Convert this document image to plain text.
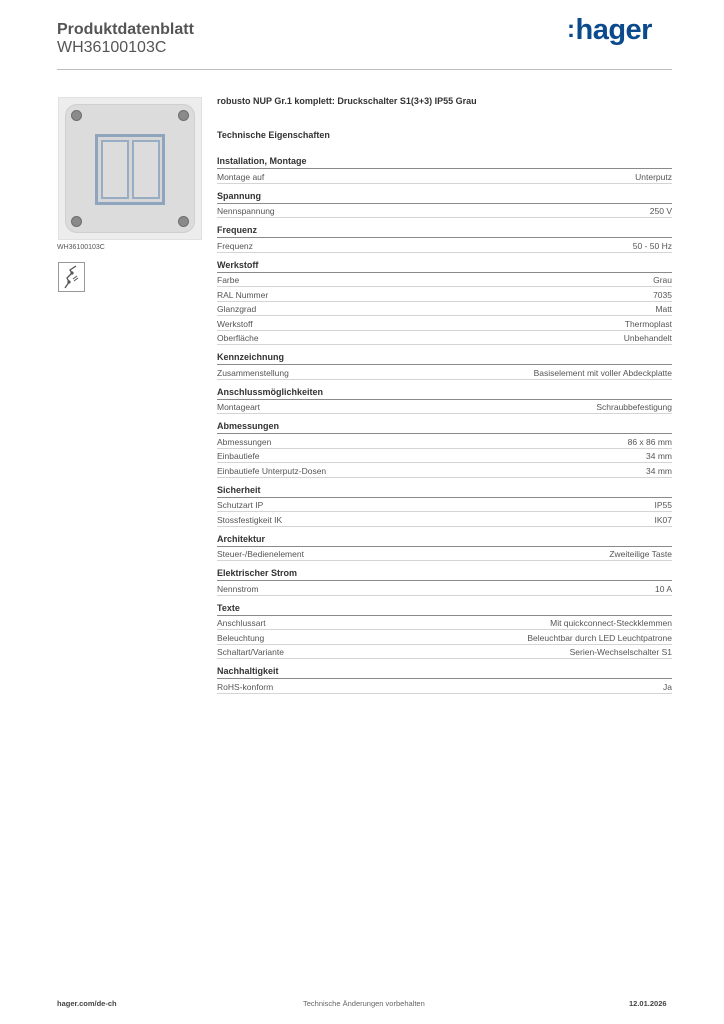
Produktdatenblatt
WH36100103C
:hager
WH36100103C
robusto NUP Gr.1 komplett: Druckschalter S1(3+3) IP55 Grau
Technische Eigenschaften
Installation, Montage
Montage auf	Unterputz
Spannung
Nennspannung	250 V
Frequenz
Frequenz	50 - 50 Hz
Werkstoff
Farbe	Grau
RAL Nummer	7035
Glanzgrad	Matt
Werkstoff	Thermoplast
Oberfläche	Unbehandelt
Kennzeichnung
Zusammenstellung	Basiselement mit voller Abdeckplatte
Anschlussmöglichkeiten
Montageart	Schraubbefestigung
Abmessungen
Abmessungen	86 x 86 mm
Einbautiefe	34 mm
Einbautiefe Unterputz-Dosen	34 mm
Sicherheit
Schutzart IP	IP55
Stossfestigkeit IK	IK07
Architektur
Steuer-/Bedienelement	Zweiteilige Taste
Elektrischer Strom
Nennstrom	10 A
Texte
Anschlussart	Mit quickconnect-Steckklemmen
Beleuchtung	Beleuchtbar durch LED Leuchtpatrone
Schaltart/Variante	Serien-Wechselschalter S1
Nachhaltigkeit
RoHS-konform	Ja
hager.com/de-ch	Technische Änderungen vorbehalten	12.01.2026
